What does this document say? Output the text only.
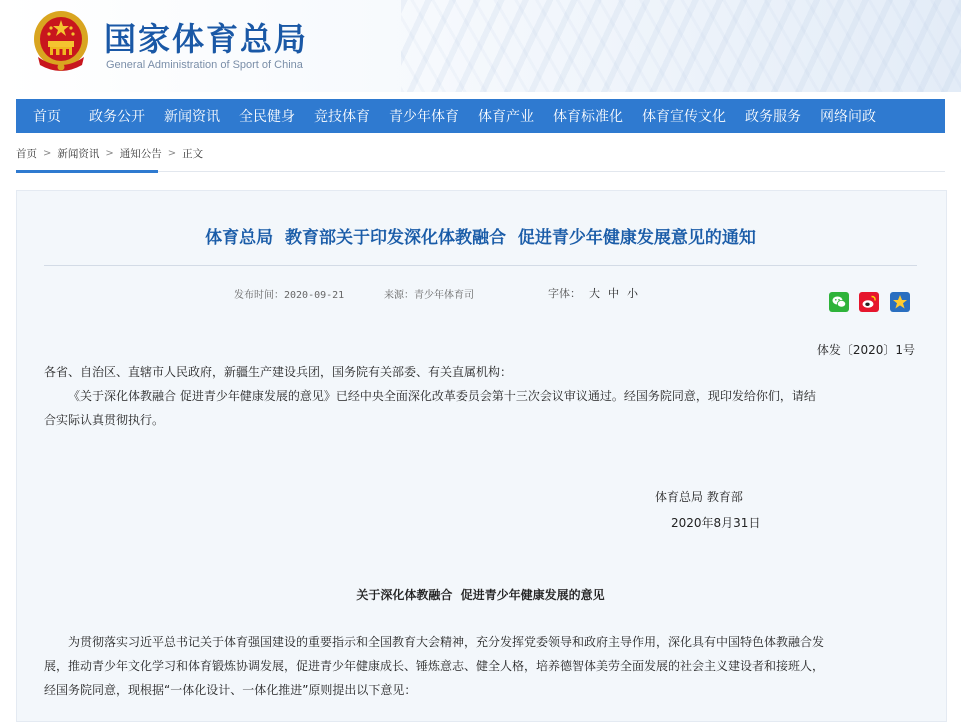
国家体育总局
General Administration of Sport of China
首页 政务公开 新闻资讯 全民健身 竞技体育 青少年体育 体育产业 体育标准化 体育宣传文化 政务服务 网络问政
首页 > 新闻资讯 > 通知公告 > 正文
体育总局  教育部关于印发深化体教融合  促进青少年健康发展意见的通知
发布时间：2020-09-21	来源：青少年体育司	字体： 大 中 小
体发〔2020〕1号
各省、自治区、直辖市人民政府，新疆生产建设兵团，国务院有关部委、有关直属机构：
《关于深化体教融合 促进青少年健康发展的意见》已经中央全面深化改革委员会第十三次会议审议通过。经国务院同意，现印发给你们，请结
合实际认真贯彻执行。
体育总局 教育部
2020年8月31日
关于深化体教融合  促进青少年健康发展的意见
为贯彻落实习近平总书记关于体育强国建设的重要指示和全国教育大会精神，充分发挥党委领导和政府主导作用，深化具有中国特色体教融合发
展，推动青少年文化学习和体育锻炼协调发展，促进青少年健康成长、锤炼意志、健全人格，培养德智体美劳全面发展的社会主义建设者和接班人，
经国务院同意，现根据“一体化设计、一体化推进”原则提出以下意见：
